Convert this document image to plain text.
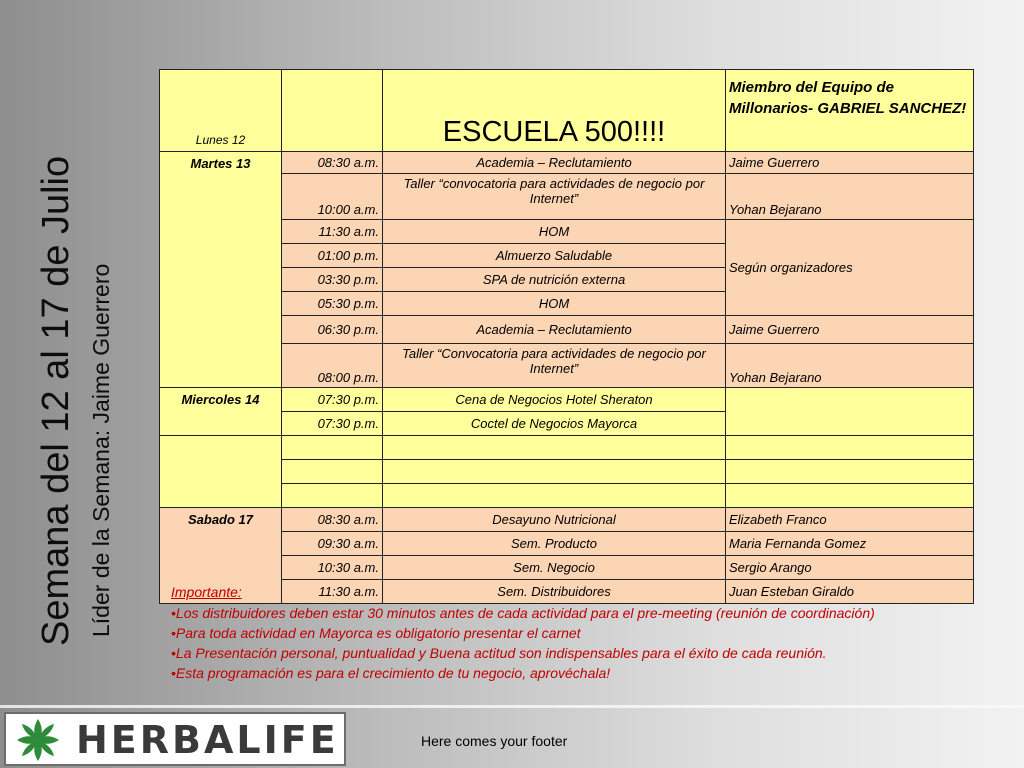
Semana del 12 al 17 de Julio Líder de la Semana: Jaime Guerrero
Lunes 12		ESCUELA 500!!!!	Miembro del Equipo de Millonarios- GABRIEL SANCHEZ!
Martes 13	08:30 a.m.	Academia – Reclutamiento	Jaime Guerrero
	10:00 a.m.	Taller “convocatoria para actividades de negocio por Internet”	Yohan Bejarano
	11:30 a.m.	HOM	Según organizadores
	01:00 p.m.	Almuerzo Saludable	
	03:30 p.m.	SPA de nutrición externa	
	05:30 p.m.	HOM	
	06:30 p.m.	Academia – Reclutamiento	Jaime Guerrero
	08:00 p.m.	Taller “Convocatoria para actividades de negocio por Internet”	Yohan Bejarano
Miercoles 14	07:30 p.m.	Cena de Negocios Hotel Sheraton	
	07:30 p.m.	Coctel de Negocios Mayorca	

Sabado 17	08:30 a.m.	Desayuno Nutricional	Elizabeth Franco
	09:30 a.m.	Sem. Producto	Maria Fernanda Gomez
	10:30 a.m.	Sem. Negocio	Sergio Arango
	11:30 a.m.	Sem. Distribuidores	Juan Esteban Giraldo
Importante:
•Los distribuidores deben estar 30 minutos antes de cada actividad para el pre-meeting (reunión de coordinación)
•Para toda actividad en Mayorca es obligatorio presentar el carnet
•La Presentación personal, puntualidad y Buena actitud son indispensables para el éxito de cada reunión.
•Esta programación es para el crecimiento de tu negocio, aprovéchala!
HERBALIFE	Here comes your footer
